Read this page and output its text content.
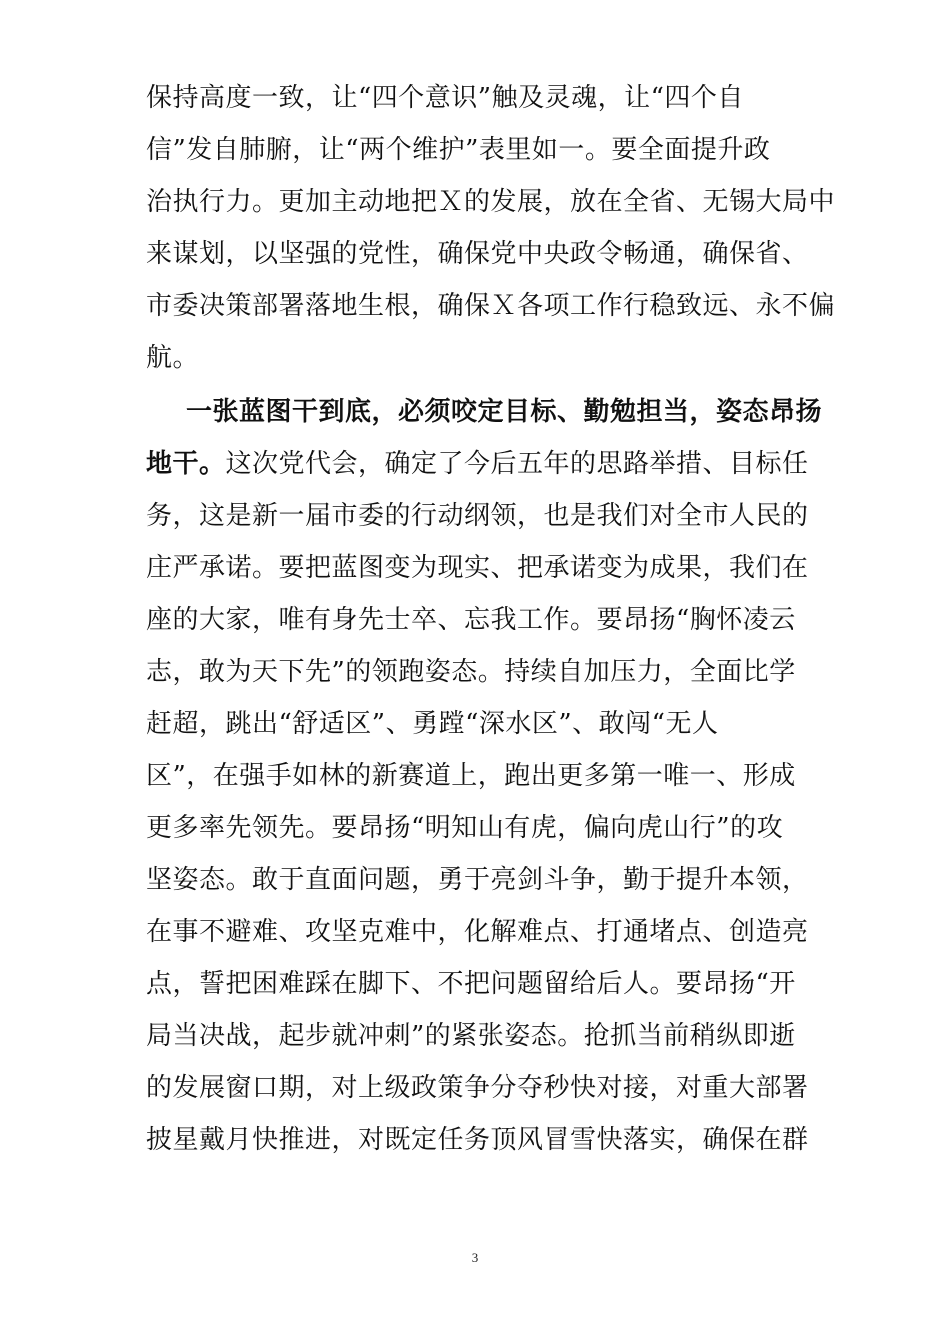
保持高度一致，让“四个意识”触及灵魂，让“四个自
信”发自肺腑，让“两个维护”表里如一。要全面提升政
治执行力。更加主动地把Ｘ的发展，放在全省、无锡大局中
来谋划，以坚强的党性，确保党中央政令畅通，确保省、
市委决策部署落地生根，确保Ｘ各项工作行稳致远、永不偏
航。
一张蓝图干到底，必须咬定目标、勤勉担当，姿态昂扬
地干。这次党代会，确定了今后五年的思路举措、目标任
务，这是新一届市委的行动纲领，也是我们对全市人民的
庄严承诺。要把蓝图变为现实、把承诺变为成果，我们在
座的大家，唯有身先士卒、忘我工作。要昂扬“胸怀凌云
志，敢为天下先”的领跑姿态。持续自加压力，全面比学
赶超，跳出“舒适区”、勇蹚“深水区”、敢闯“无人
区”，在强手如林的新赛道上，跑出更多第一唯一、形成
更多率先领先。要昂扬“明知山有虎，偏向虎山行”的攻
坚姿态。敢于直面问题，勇于亮剑斗争，勤于提升本领，
在事不避难、攻坚克难中，化解难点、打通堵点、创造亮
点，誓把困难踩在脚下、不把问题留给后人。要昂扬“开
局当决战，起步就冲刺”的紧张姿态。抢抓当前稍纵即逝
的发展窗口期，对上级政策争分夺秒快对接，对重大部署
披星戴月快推进，对既定任务顶风冒雪快落实，确保在群
3
